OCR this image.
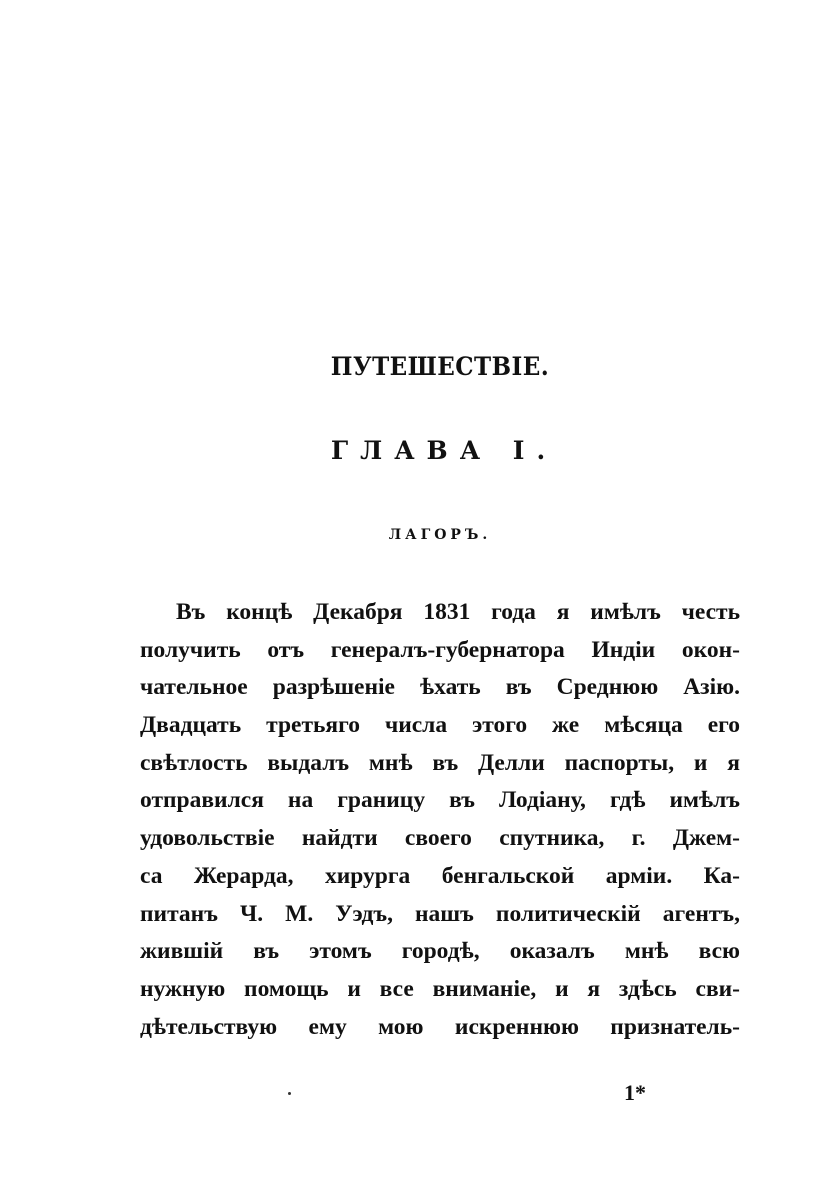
ПУТЕШЕСТВIЕ.
ГЛАВА I.
ЛАГОРЪ.
Въ концѣ Декабря 1831 года я имѣлъ честь
получить отъ генералъ-губернатора Индiи окон-
чательное разрѣшенiе ѣхать въ Среднюю Азiю.
Двадцать третьяго числа этого же мѣсяца его
свѣтлость выдалъ мнѣ въ Делли паспорты, и я
отправился на границу въ Лодiану, гдѣ имѣлъ
удовольствiе найдти своего спутника, г. Джем-
са Жерарда, хирурга бенгальской армiи. Ка-
питанъ Ч. М. Уэдъ, нашъ политическiй агентъ,
жившiй въ этомъ городѣ, оказалъ мнѣ всю
нужную помощь и все вниманiе, и я здѣсь сви-
дѣтельствую ему мою искреннюю признатель-
1*
